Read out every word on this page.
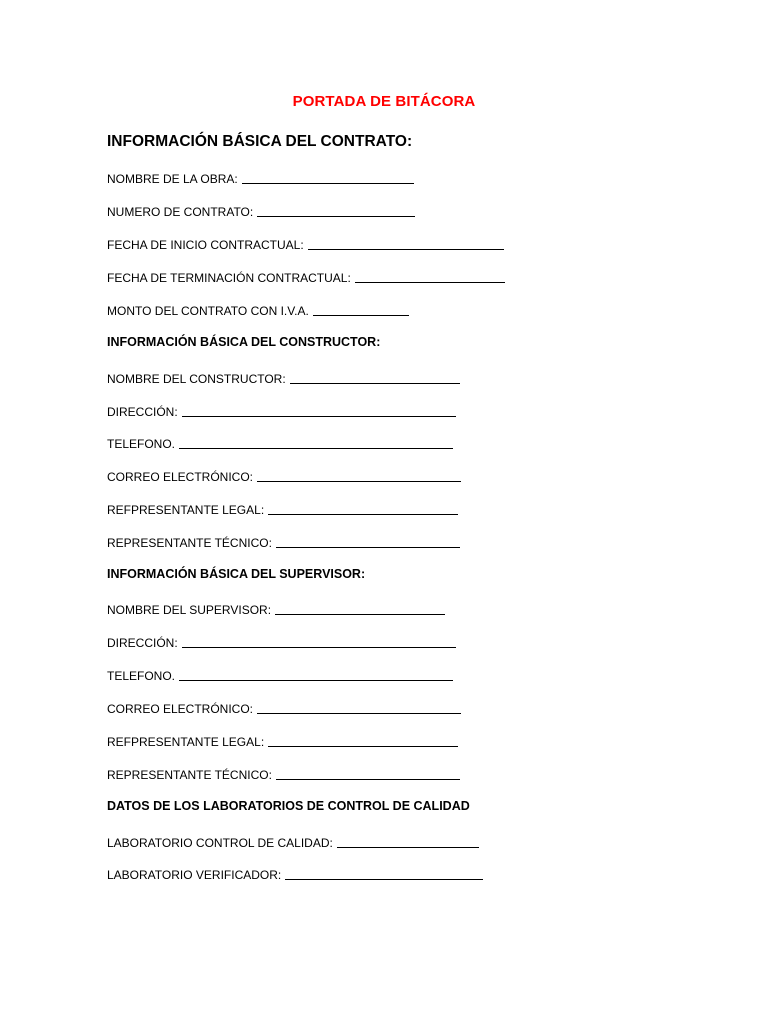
PORTADA DE BITÁCORA
INFORMACIÓN BÁSICA DEL CONTRATO:
NOMBRE DE LA OBRA:
NUMERO DE CONTRATO:
FECHA DE INICIO CONTRACTUAL:
FECHA DE TERMINACIÓN CONTRACTUAL:
MONTO DEL CONTRATO CON I.V.A.
INFORMACIÓN BÁSICA DEL CONSTRUCTOR:
NOMBRE DEL CONSTRUCTOR:
DIRECCIÓN:
TELEFONO.
CORREO ELECTRÓNICO:
REFPRESENTANTE LEGAL:
REPRESENTANTE TÉCNICO:
INFORMACIÓN BÁSICA DEL SUPERVISOR:
NOMBRE DEL SUPERVISOR:
DIRECCIÓN:
TELEFONO.
CORREO ELECTRÓNICO:
REFPRESENTANTE LEGAL:
REPRESENTANTE TÉCNICO:
DATOS DE LOS LABORATORIOS DE CONTROL DE CALIDAD
LABORATORIO CONTROL DE CALIDAD:
LABORATORIO VERIFICADOR:
